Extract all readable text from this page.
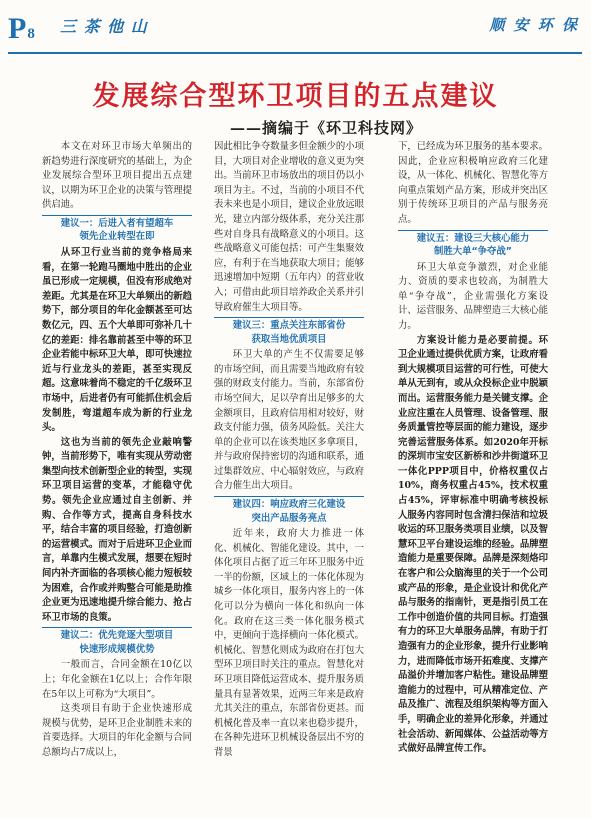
P8 三 茶 他 山	顺 安 环 保
发展综合型环卫项目的五点建议
——摘编于《环卫科技网》

本文在对环卫市场大单频出的新趋势进行深度研究的基础上，为企业发展综合型环卫项目提出五点建议，以期为环卫企业的决策与管理提供启迪。

建议一：后进入者有望超车
领先企业转型在即

从环卫行业当前的竞争格局来看，在第一轮跑马圈地中胜出的企业虽已形成一定规模，但没有形成绝对差距。尤其是在环卫大单频出的新趋势下，部分项目的年化金额甚至可达数亿元，四、五个大单即可弥补几十亿的差距：排名靠前甚至中等的环卫企业若能中标环卫大单，即可快速拉近与行业龙头的差距，甚至实现反超。这意味着尚不稳定的千亿级环卫市场中，后进者仍有可能抓住机会后发制胜，弯道超车成为新的行业龙头。

这也为当前的领先企业敲响警钟，当前形势下，唯有实现从劳动密集型向技术创新型企业的转型，实现环卫项目运营的变革，才能稳守优势。领先企业应通过自主创新、并购、合作等方式，提高自身科技水平，结合丰富的项目经验，打造创新的运营模式。而对于后进环卫企业而言，单靠内生模式发展，想要在短时间内补齐面临的各项核心能力短板较为困难，合作或并购整合可能是助推企业更为迅速地提升综合能力、抢占环卫市场的良策。

建议二：优先竞逐大型项目
快速形成规模优势

一般而言，合同金额在10亿以上；年化金额在1亿以上；合作年限在5年以上可称为“大项目”。

这类项目有助于企业快速形成规模与优势，是环卫企业制胜未来的首要选择。大项目的年化金额与合同总额均占7成以上，

因此相比争夺数量多但金额少的小项目，大项目对企业增收的意义更为突出。当前环卫市场放出的项目仍以小项目为主。不过，当前的小项目不代表未来也是小项目，建议企业放远眼光，建立内部分级体系，充分关注那些对自身具有战略意义的小项目。这些战略意义可能包括：可产生集聚效应，有利于在当地获取大项目；能够迅速增加中短期（五年内）的营业收入；可借由此项目培养政企关系并引导政府催生大项目等。

建议三：重点关注东部省份
获取当地优质项目

环卫大单的产生不仅需要足够的市场空间，而且需要当地政府有较强的财政支付能力。当前，东部省份市场空间大，足以孕育出足够多的大金额项目，且政府信用相对较好，财政支付能力强，债务风险低。关注大单的企业可以在该类地区多拿项目，并与政府保持密切的沟通和联系，通过集群效应、中心辐射效应，与政府合力催生出大项目。

建议四：响应政府三化建设
突出产品服务亮点

近年来，政府大力推进一体化、机械化、智能化建设。其中，一体化项目占据了近三年环卫服务中近一半的份额，区域上的一体化体现为城乡一体化项目，服务内容上的一体化可以分为横向一体化和纵向一体化。政府在这三类一体化服务模式中，更倾向于选择横向一体化模式。机械化、智慧化则成为政府在打包大型环卫项目时关注的重点。智慧化对环卫项目降低运营成本、提升服务质量具有显著效果，近两三年来是政府尤其关注的重点，东部省份更甚。而机械化普及率一直以来也稳步提升，在各种先进环卫机械设备层出不穷的背景

下，已经成为环卫服务的基本要求。因此，企业应积极响应政府三化建设，从一体化、机械化、智慧化等方向重点策划产品方案，形成并突出区别于传统环卫项目的产品与服务亮点。

建议五：建设三大核心能力
制胜大单“争夺战”

环卫大单竞争激烈，对企业能力、资质的要求也较高，为制胜大单“争夺战”，企业需强化方案设计、运营服务、品牌塑造三大核心能力。

方案设计能力是必要前提。环卫企业通过提供优质方案，让政府看到大规模项目运营的可行性，可使大单从无到有，或从众投标企业中脱颖而出。运营服务能力是关键支撑。企业应注重在人员管理、设备管理、服务质量管控等层面的能力建设，逐步完善运营服务体系。如2020年开标的深圳市宝安区新桥和沙井街道环卫一体化PPP项目中，价格权重仅占10%，商务权重占45%，技术权重占45%，评审标准中明确考核投标人服务内容同时包含清扫保洁和垃圾收运的环卫服务类项目业绩，以及智慧环卫平台建设运维的经验。品牌塑造能力是重要保障。品牌是深刻烙印在客户和公众脑海里的关于一个公司或产品的形象，是企业设计和优化产品与服务的指南针，更是指引员工在工作中创造价值的共同目标。打造强有力的环卫大单服务品牌，有助于打造强有力的企业形象，提升行业影响力，进而降低市场开拓难度、支撑产品溢价并增加客户粘性。建设品牌塑造能力的过程中，可从精准定位、产品及推广、流程及组织架构等方面入手，明确企业的差异化形象，并通过社会活动、新闻媒体、公益活动等方式做好品牌宣传工作。
